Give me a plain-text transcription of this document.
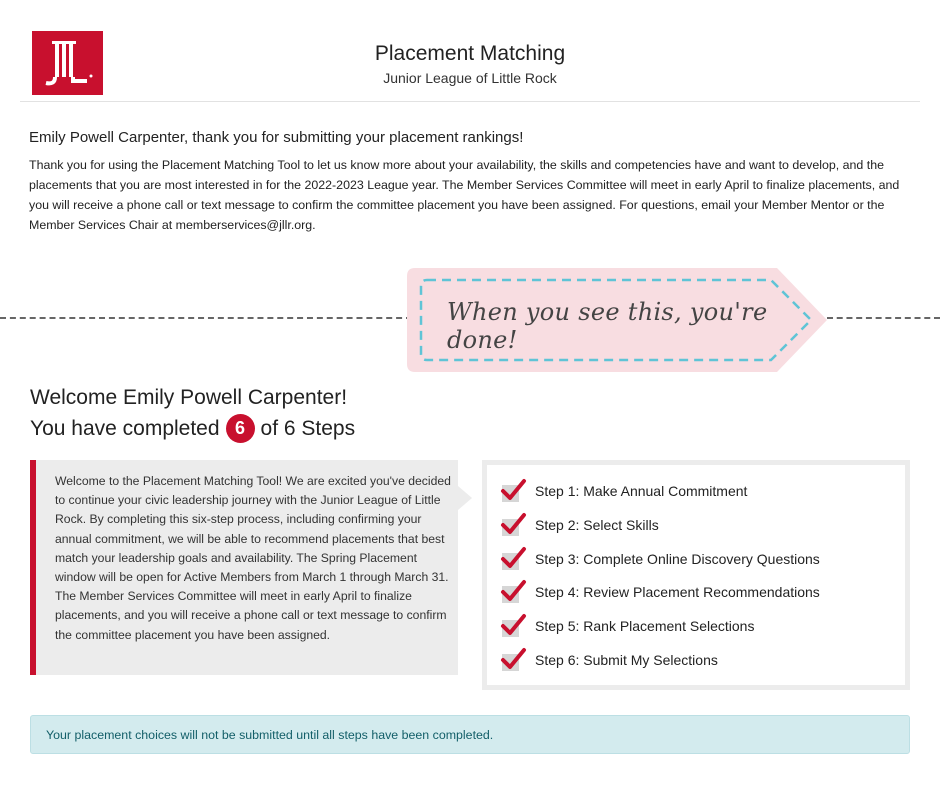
Placement Matching
Junior League of Little Rock
Emily Powell Carpenter, thank you for submitting your placement rankings!
Thank you for using the Placement Matching Tool to let us know more about your availability, the skills and competencies have and want to develop, and the placements that you are most interested in for the 2022-2023 League year. The Member Services Committee will meet in early April to finalize placements, and you will receive a phone call or text message to confirm the committee placement you have been assigned. For questions, email your Member Mentor or the Member Services Chair at memberservices@jllr.org.
When you see this, you're done!
Welcome Emily Powell Carpenter!
You have completed 6 of 6 Steps
Welcome to the Placement Matching Tool! We are excited you've decided to continue your civic leadership journey with the Junior League of Little Rock. By completing this six-step process, including confirming your annual commitment, we will be able to recommend placements that best match your leadership goals and availability. The Spring Placement window will be open for Active Members from March 1 through March 31. The Member Services Committee will meet in early April to finalize placements, and you will receive a phone call or text message to confirm the committee placement you have been assigned.
Step 1: Make Annual Commitment
Step 2: Select Skills
Step 3: Complete Online Discovery Questions
Step 4: Review Placement Recommendations
Step 5: Rank Placement Selections
Step 6: Submit My Selections
Your placement choices will not be submitted until all steps have been completed.
